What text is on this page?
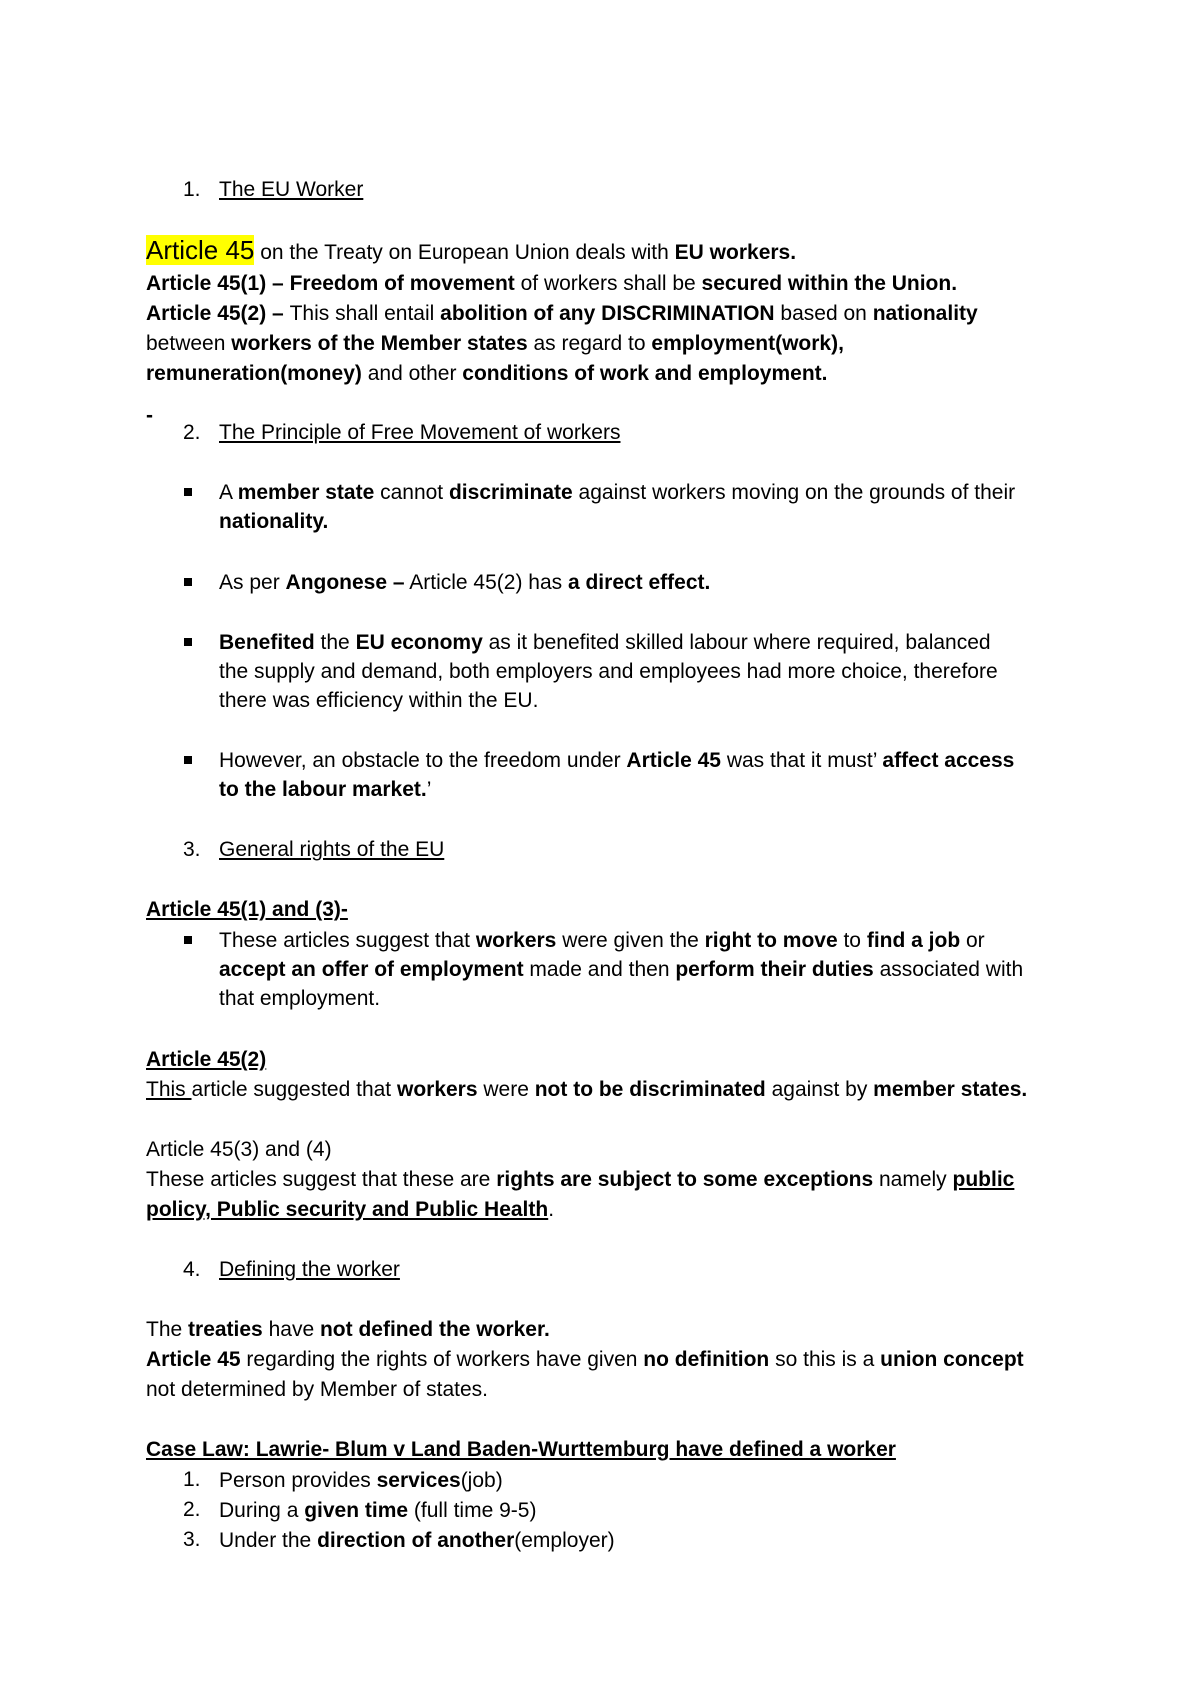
1. The EU Worker
Article 45 on the Treaty on European Union deals with EU workers.
Article 45(1) – Freedom of movement of workers shall be secured within the Union.
Article 45(2) – This shall entail abolition of any DISCRIMINATION based on nationality
between workers of the Member states as regard to employment(work),
remuneration(money) and other conditions of work and employment.
-
2. The Principle of Free Movement of workers
A member state cannot discriminate against workers moving on the grounds of their
nationality.
As per Angonese – Article 45(2) has a direct effect.
Benefited the EU economy as it benefited skilled labour where required, balanced
the supply and demand, both employers and employees had more choice, therefore
there was efficiency within the EU.
However, an obstacle to the freedom under Article 45 was that it must’ affect access
to the labour market.’
3. General rights of the EU
Article 45(1) and (3)-
These articles suggest that workers were given the right to move to find a job or
accept an offer of employment made and then perform their duties associated with
that employment.
Article 45(2)
This article suggested that workers were not to be discriminated against by member states.
Article 45(3) and (4)
These articles suggest that these are rights are subject to some exceptions namely public
policy, Public security and Public Health.
4. Defining the worker
The treaties have not defined the worker.
Article 45 regarding the rights of workers have given no definition so this is a union concept
not determined by Member of states.
Case Law: Lawrie- Blum v Land Baden-Wurttemburg have defined a worker
1. Person provides services(job)
2. During a given time (full time 9-5)
3. Under the direction of another(employer)
